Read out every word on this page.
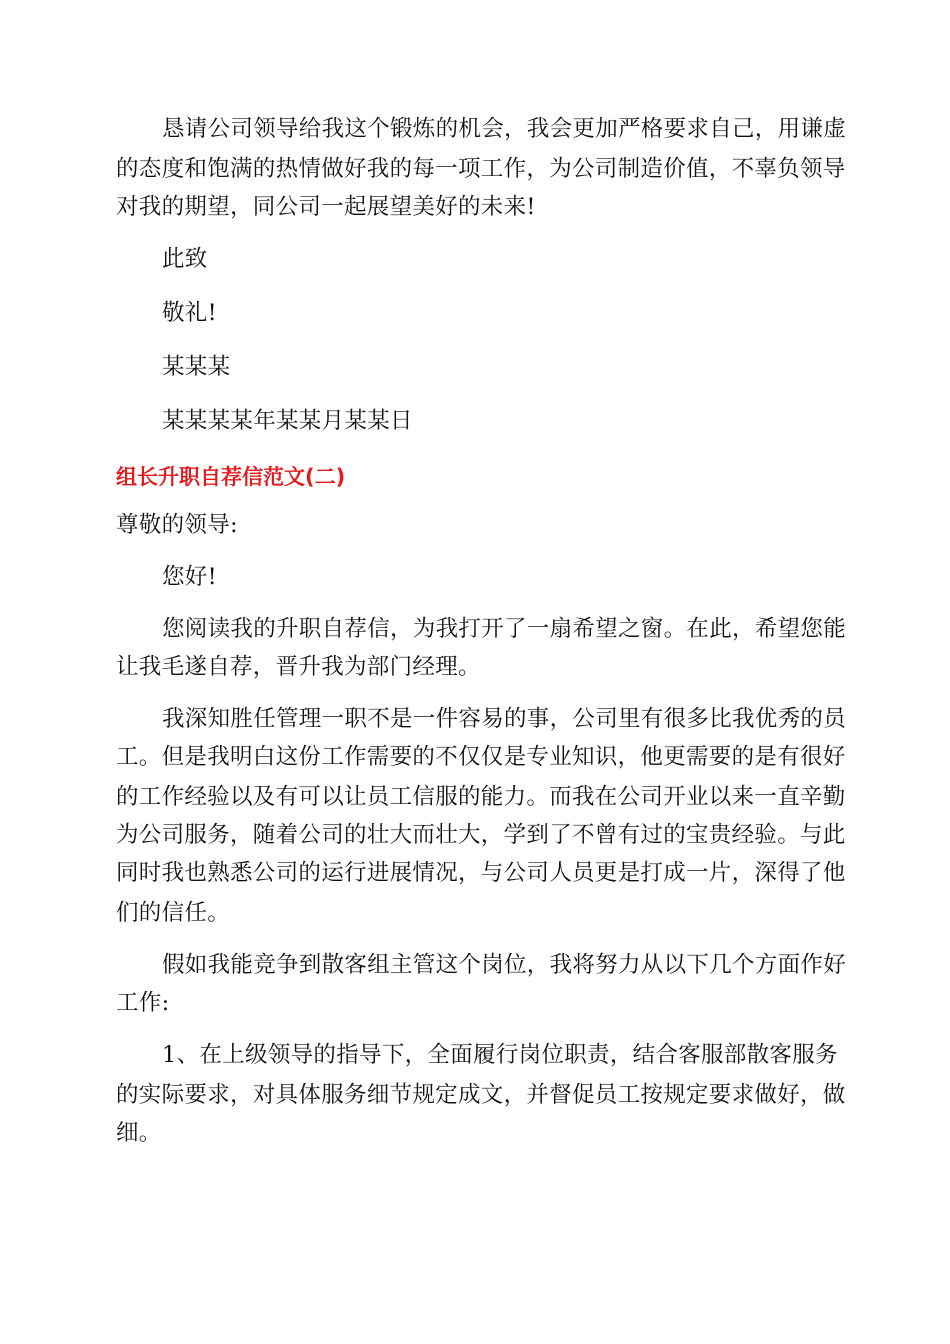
恳请公司领导给我这个锻炼的机会，我会更加严格要求自己，用谦虚
的态度和饱满的热情做好我的每一项工作，为公司制造价值，不辜负领导
对我的期望，同公司一起展望美好的未来!
此致
敬礼!
某某某
某某某某年某某月某某日
组长升职自荐信范文(二)
尊敬的领导:
您好!
您阅读我的升职自荐信，为我打开了一扇希望之窗。在此，希望您能
让我毛遂自荐，晋升我为部门经理。
我深知胜任管理一职不是一件容易的事，公司里有很多比我优秀的员
工。但是我明白这份工作需要的不仅仅是专业知识，他更需要的是有很好
的工作经验以及有可以让员工信服的能力。而我在公司开业以来一直辛勤
为公司服务，随着公司的壮大而壮大，学到了不曾有过的宝贵经验。与此
同时我也熟悉公司的运行进展情况，与公司人员更是打成一片，深得了他
们的信任。
假如我能竞争到散客组主管这个岗位，我将努力从以下几个方面作好
工作:
1、在上级领导的指导下，全面履行岗位职责，结合客服部散客服务
的实际要求，对具体服务细节规定成文，并督促员工按规定要求做好，做
细。
